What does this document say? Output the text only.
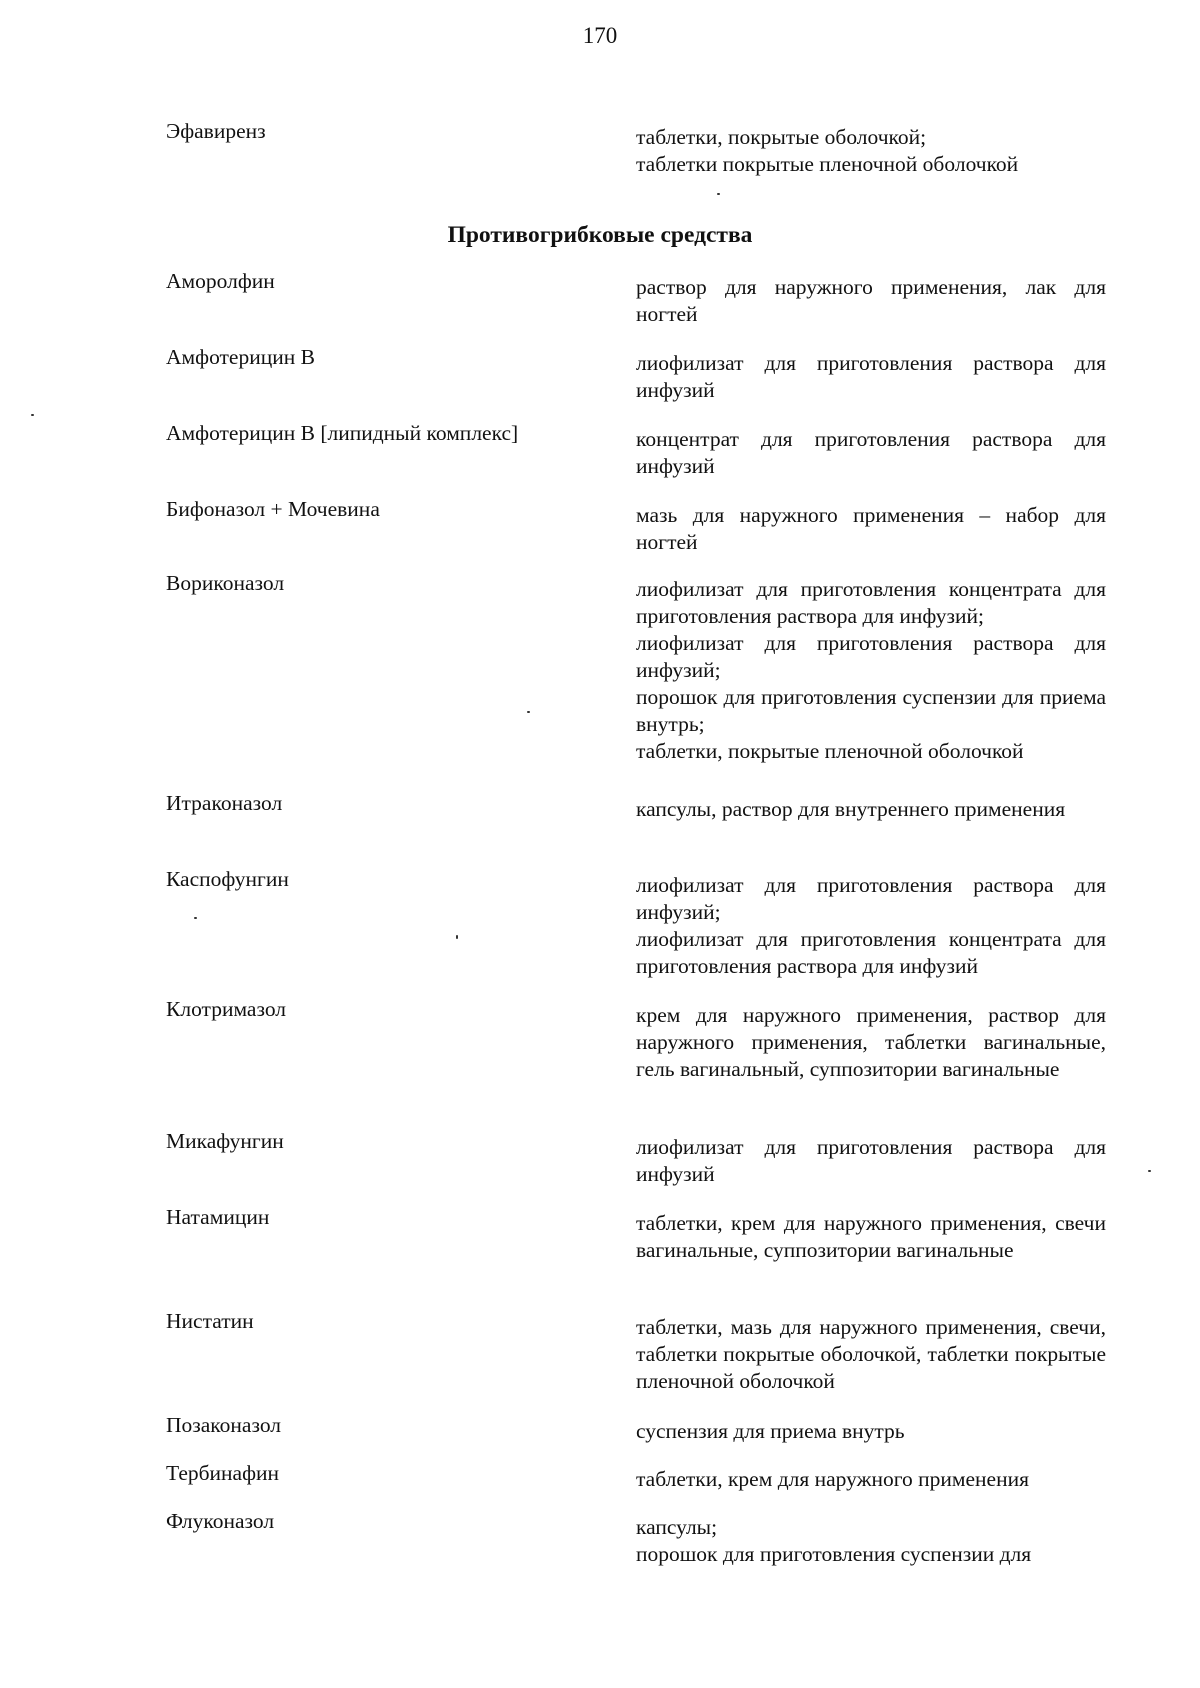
170
Эфавиренз	таблетки, покрытые оболочкой;
таблетки покрытые пленочной оболочкой
Противогрибковые средства
Аморолфин	раствор для наружного применения, лак для ногтей
Амфотерицин В	лиофилизат для приготовления раствора для инфузий
Амфотерицин В [липидный комплекс]	концентрат для приготовления раствора для инфузий
Бифоназол + Мочевина	мазь для наружного применения – набор для ногтей
Вориконазол	лиофилизат для приготовления концентрата для приготовления раствора для инфузий;
лиофилизат для приготовления раствора для инфузий;
порошок для приготовления суспензии для приема внутрь;
таблетки, покрытые пленочной оболочкой
Итраконазол	капсулы, раствор для внутреннего применения
Каспофунгин	лиофилизат для приготовления раствора для инфузий;
лиофилизат для приготовления концентрата для приготовления раствора для инфузий
Клотримазол	крем для наружного применения, раствор для наружного применения, таблетки вагинальные, гель вагинальный, суппозитории вагинальные
Микафунгин	лиофилизат для приготовления раствора для инфузий
Натамицин	таблетки, крем для наружного применения, свечи вагинальные, суппозитории вагинальные
Нистатин	таблетки, мазь для наружного применения, свечи, таблетки покрытые оболочкой, таблетки покрытые пленочной оболочкой
Позаконазол	суспензия для приема внутрь
Тербинафин	таблетки, крем для наружного применения
Флуконазол	капсулы;
порошок для приготовления суспензии для
